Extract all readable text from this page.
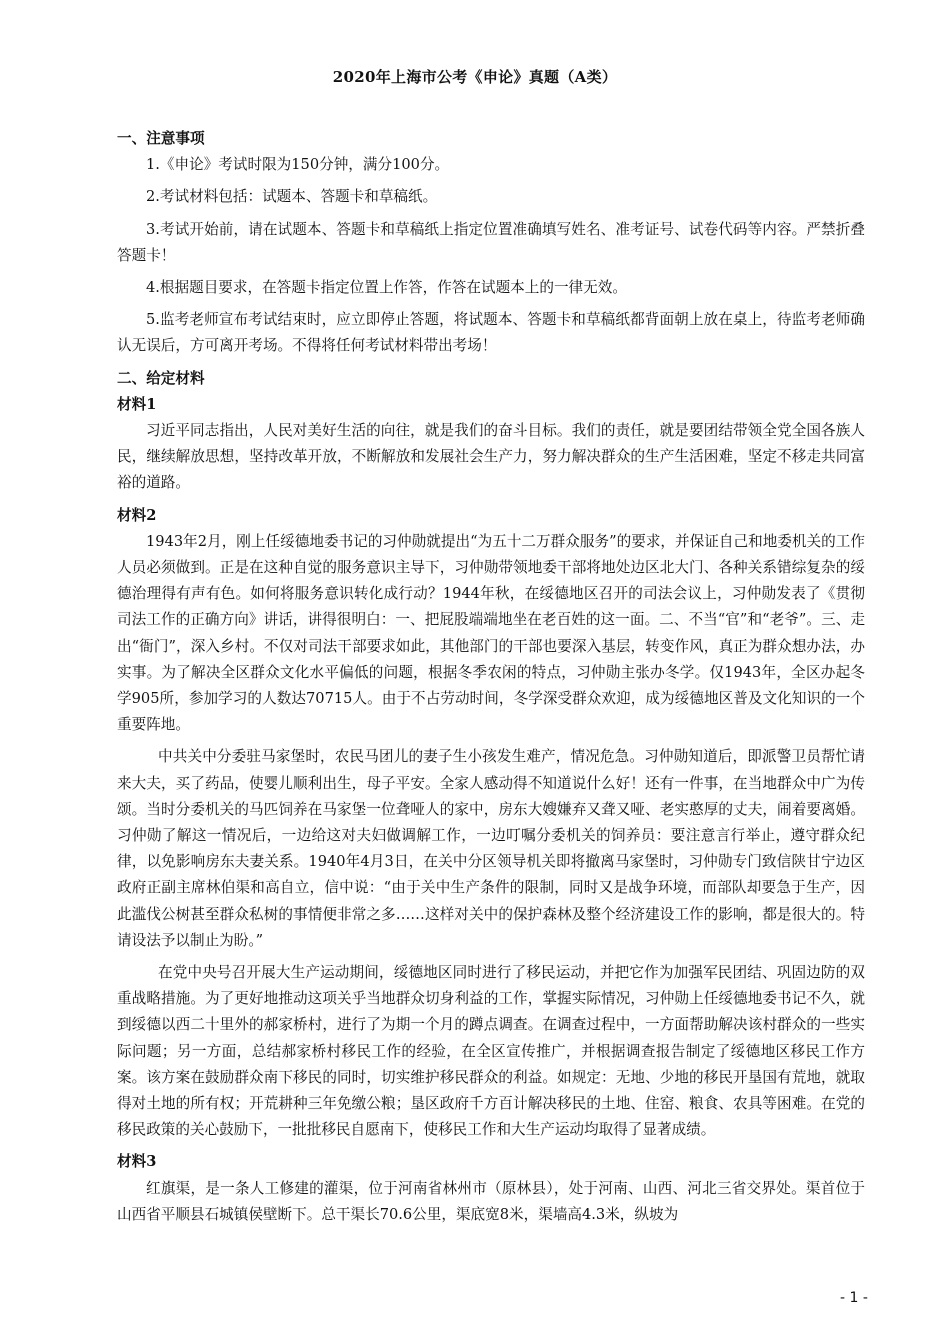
2020年上海市公考《申论》真题（A类）
一、注意事项

1.《申论》考试时限为150分钟，满分100分。

2.考试材料包括：试题本、答题卡和草稿纸。

3.考试开始前，请在试题本、答题卡和草稿纸上指定位置准确填写姓名、准考证号、试卷代码等内容。严禁折叠答题卡！

4.根据题目要求，在答题卡指定位置上作答，作答在试题本上的一律无效。

5.监考老师宣布考试结束时，应立即停止答题，将试题本、答题卡和草稿纸都背面朝上放在桌上，待监考老师确认无误后，方可离开考场。不得将任何考试材料带出考场！

二、给定材料
材料1

习近平同志指出，人民对美好生活的向往，就是我们的奋斗目标。我们的责任，就是要团结带领全党全国各族人民，继续解放思想，坚持改革开放，不断解放和发展社会生产力，努力解决群众的生产生活困难，坚定不移走共同富裕的道路。

材料2

1943年2月，刚上任绥德地委书记的习仲勋就提出“为五十二万群众服务”的要求，并保证自己和地委机关的工作人员必须做到。正是在这种自觉的服务意识主导下，习仲勋带领地委干部将地处边区北大门、各种关系错综复杂的绥德治理得有声有色。如何将服务意识转化成行动？1944年秋，在绥德地区召开的司法会议上，习仲勋发表了《贯彻司法工作的正确方向》讲话，讲得很明白：一、把屁股端端地坐在老百姓的这一面。二、不当“官”和“老爷”。三、走出“衙门”，深入乡村。不仅对司法干部要求如此，其他部门的干部也要深入基层，转变作风，真正为群众想办法，办实事。为了解决全区群众文化水平偏低的问题，根据冬季农闲的特点，习仲勋主张办冬学。仅1943年，全区办起冬学905所，参加学习的人数达70715人。由于不占劳动时间，冬学深受群众欢迎，成为绥德地区普及文化知识的一个重要阵地。

中共关中分委驻马家堡时，农民马团儿的妻子生小孩发生难产，情况危急。习仲勋知道后，即派警卫员帮忙请来大夫，买了药品，使婴儿顺利出生，母子平安。全家人感动得不知道说什么好！还有一件事，在当地群众中广为传颂。当时分委机关的马匹饲养在马家堡一位聋哑人的家中，房东大嫂嫌弃又聋又哑、老实憨厚的丈夫，闹着要离婚。习仲勋了解这一情况后，一边给这对夫妇做调解工作，一边叮嘱分委机关的饲养员：要注意言行举止，遵守群众纪律，以免影响房东夫妻关系。1940年4月3日，在关中分区领导机关即将撤离马家堡时，习仲勋专门致信陕甘宁边区政府正副主席林伯渠和高自立，信中说：“由于关中生产条件的限制，同时又是战争环境，而部队却要急于生产，因此滥伐公树甚至群众私树的事情便非常之多……这样对关中的保护森林及整个经济建设工作的影响，都是很大的。特请设法予以制止为盼。”

在党中央号召开展大生产运动期间，绥德地区同时进行了移民运动，并把它作为加强军民团结、巩固边防的双重战略措施。为了更好地推动这项关乎当地群众切身利益的工作，掌握实际情况，习仲勋上任绥德地委书记不久，就到绥德以西二十里外的郝家桥村，进行了为期一个月的蹲点调查。在调查过程中，一方面帮助解决该村群众的一些实际问题；另一方面，总结郝家桥村移民工作的经验，在全区宣传推广，并根据调查报告制定了绥德地区移民工作方案。该方案在鼓励群众南下移民的同时，切实维护移民群众的利益。如规定：无地、少地的移民开垦国有荒地，就取得对土地的所有权；开荒耕种三年免缴公粮；垦区政府千方百计解决移民的土地、住窑、粮食、农具等困难。在党的移民政策的关心鼓励下，一批批移民自愿南下，使移民工作和大生产运动均取得了显著成绩。

材料3

红旗渠，是一条人工修建的灌渠，位于河南省林州市（原林县），处于河南、山西、河北三省交界处。渠首位于山西省平顺县石城镇侯壁断下。总干渠长70.6公里，渠底宽8米，渠墙高4.3米，纵坡为

- 1 -
